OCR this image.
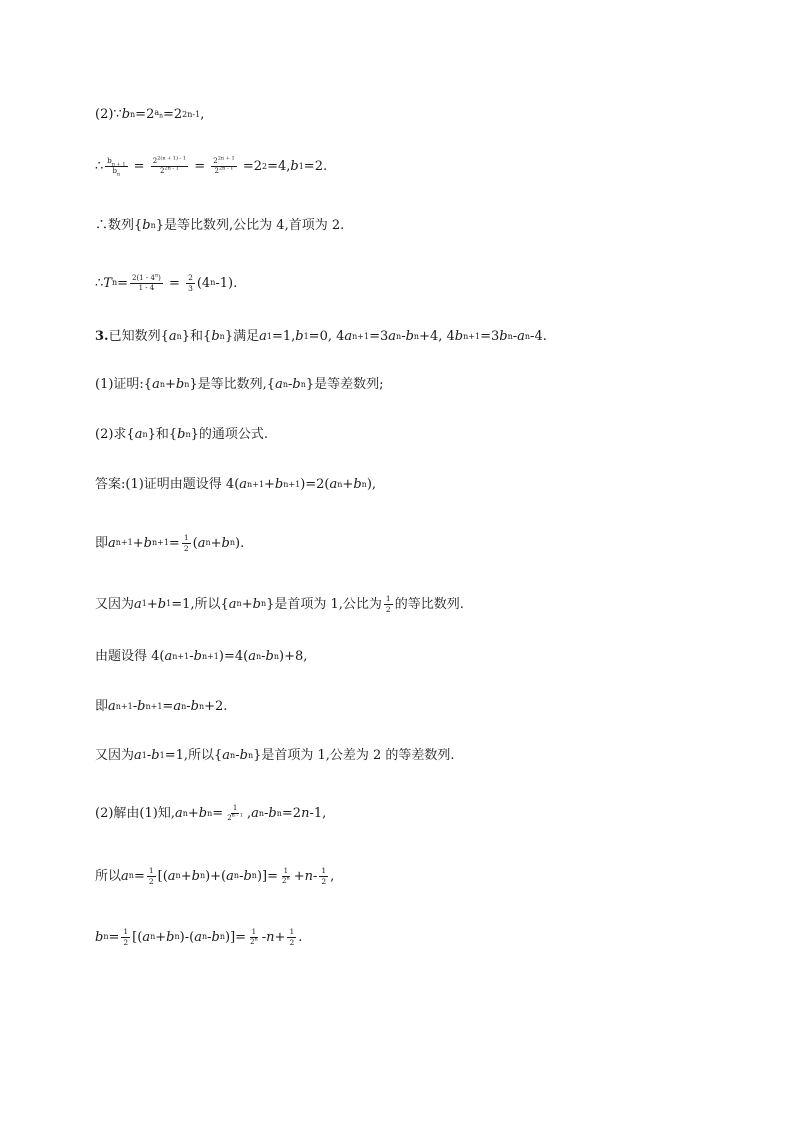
(2)∵ b n =2 $a_n =2$ 2n-1 ,
∴ $\frac{b_{n + 1}}{b_n} = \frac{2^{2(n + 1) - 1}}{2^{2n - 1}} = \frac{2^{2n + 1}}{2^{2n - 1}} =2$ 2 =4, b 1 =2.
∴数列{ b n }是等比数列,公比为 4,首项为 2.
∴ T $n = \frac{2(1 - 4^n)}{1 - 4} = \frac{2}{3} (4$ n -1).
3. 已知数列{ a n }和{ b n }满足 a 1 =1, b 1 =0, 4 a n+1 =3 a n - b n +4, 4 b n+1 =3 b n - a n -4.
(1)证明:{ a n + b n }是等比数列,{ a n - b n }是等差数列;
(2)求{ a n }和{ b n }的通项公式.
答案:(1)证明由题设得 4( a n+1 + b n+1 )=2( a n + b n ),
即 a n+1 + b $n+1 = \frac{1}{2}$ ( a n + b n ).
又因为 a 1 + b 1 =1,所以{ a n + b n }是首项为 1,公比为 $\frac{1}{2}$ 的等比数列.
由题设得 4( a n+1 - b n+1 )=4( a n - b n )+8,
即 a n+1 - b n+1 = a n - b n +2.
又因为 a 1 - b 1 =1,所以{ a n - b n }是首项为 1,公差为 2 的等差数列.
(2)解由(1)知, a n + b $n = \frac{1}{2^{n - 1}}$ , a n - b n =2 n -1,
所以 a $n = \frac{1}{2}$ [( a n + b n )+( a n - b n )]= $\frac{1}{2^n} + n - \frac{1}{2}$ ,
b $n = \frac{1}{2}$ [( a n + b n )-( a n - b n )]= $\frac{1}{2^n} - n + \frac{1}{2}$ .
